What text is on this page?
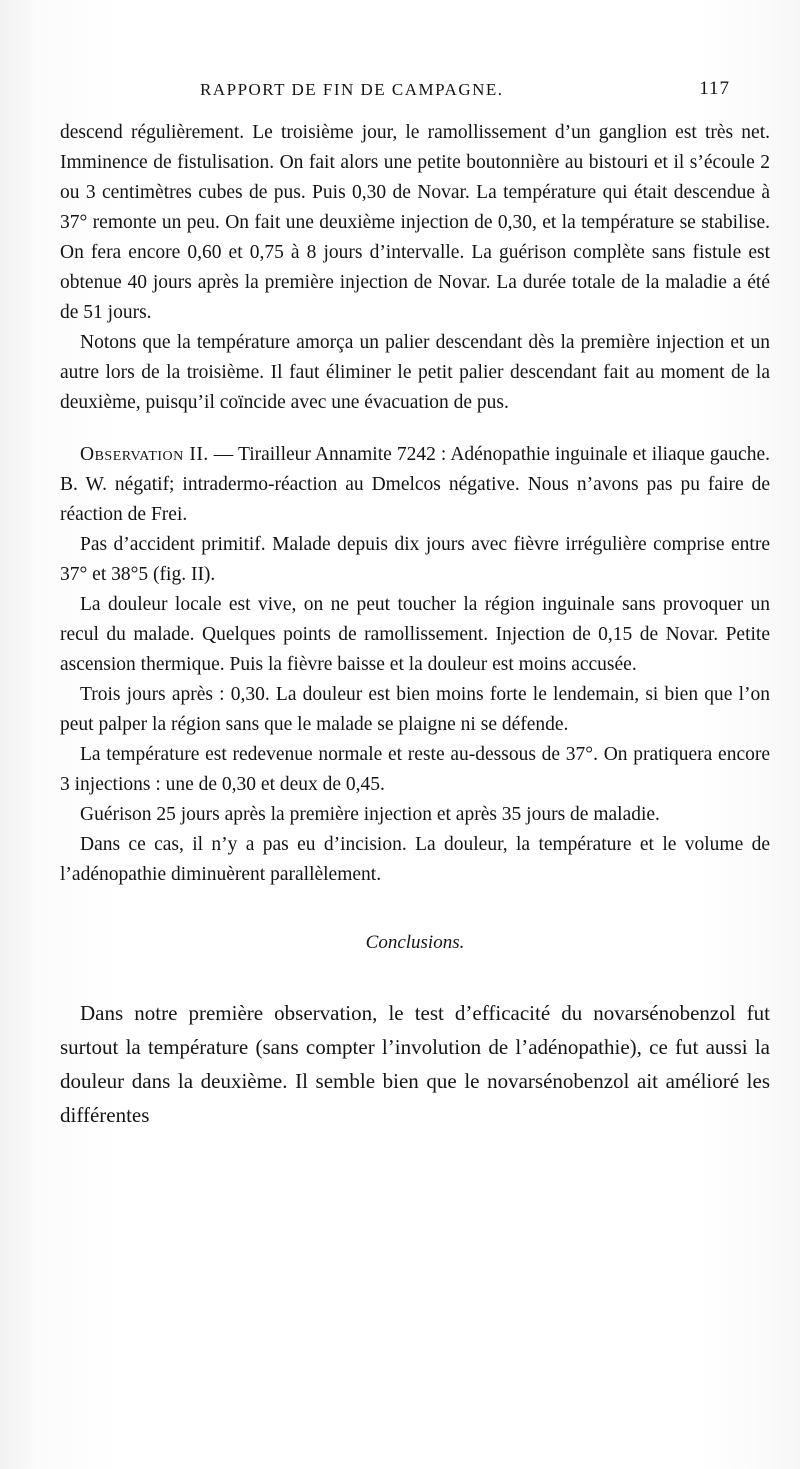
RAPPORT DE FIN DE CAMPAGNE.	117

descend régulièrement. Le troisième jour, le ramollissement d’un ganglion est très net. Imminence de fistulisation. On fait alors une petite boutonnière au bistouri et il s’écoule 2 ou 3 centimètres cubes de pus. Puis 0,30 de Novar. La température qui était descendue à 37° remonte un peu. On fait une deuxième injection de 0,30, et la température se stabilise. On fera encore 0,60 et 0,75 à 8 jours d’intervalle. La guérison complète sans fistule est obtenue 40 jours après la première injection de Novar. La durée totale de la maladie a été de 51 jours.

Notons que la température amorça un palier descendant dès la première injection et un autre lors de la troisième. Il faut éliminer le petit palier descendant fait au moment de la deuxième, puisqu’il coïncide avec une évacuation de pus.

Observation II. — Tirailleur Annamite 7242 : Adénopathie inguinale et iliaque gauche. B. W. négatif; intradermo-réaction au Dmelcos négative. Nous n’avons pas pu faire de réaction de Frei.

Pas d’accident primitif. Malade depuis dix jours avec fièvre irrégulière comprise entre 37° et 38°5 (fig. II).

La douleur locale est vive, on ne peut toucher la région inguinale sans provoquer un recul du malade. Quelques points de ramollissement. Injection de 0,15 de Novar. Petite ascension thermique. Puis la fièvre baisse et la douleur est moins accusée.

Trois jours après : 0,30. La douleur est bien moins forte le lendemain, si bien que l’on peut palper la région sans que le malade se plaigne ni se défende.

La température est redevenue normale et reste au-dessous de 37°. On pratiquera encore 3 injections : une de 0,30 et deux de 0,45.

Guérison 25 jours après la première injection et après 35 jours de maladie.

Dans ce cas, il n’y a pas eu d’incision. La douleur, la température et le volume de l’adénopathie diminuèrent parallèlement.

Conclusions.

Dans notre première observation, le test d’efficacité du novarsénobenzol fut surtout la température (sans compter l’involution de l’adénopathie), ce fut aussi la douleur dans la deuxième. Il semble bien que le novarsénobenzol ait amélioré les différentes
